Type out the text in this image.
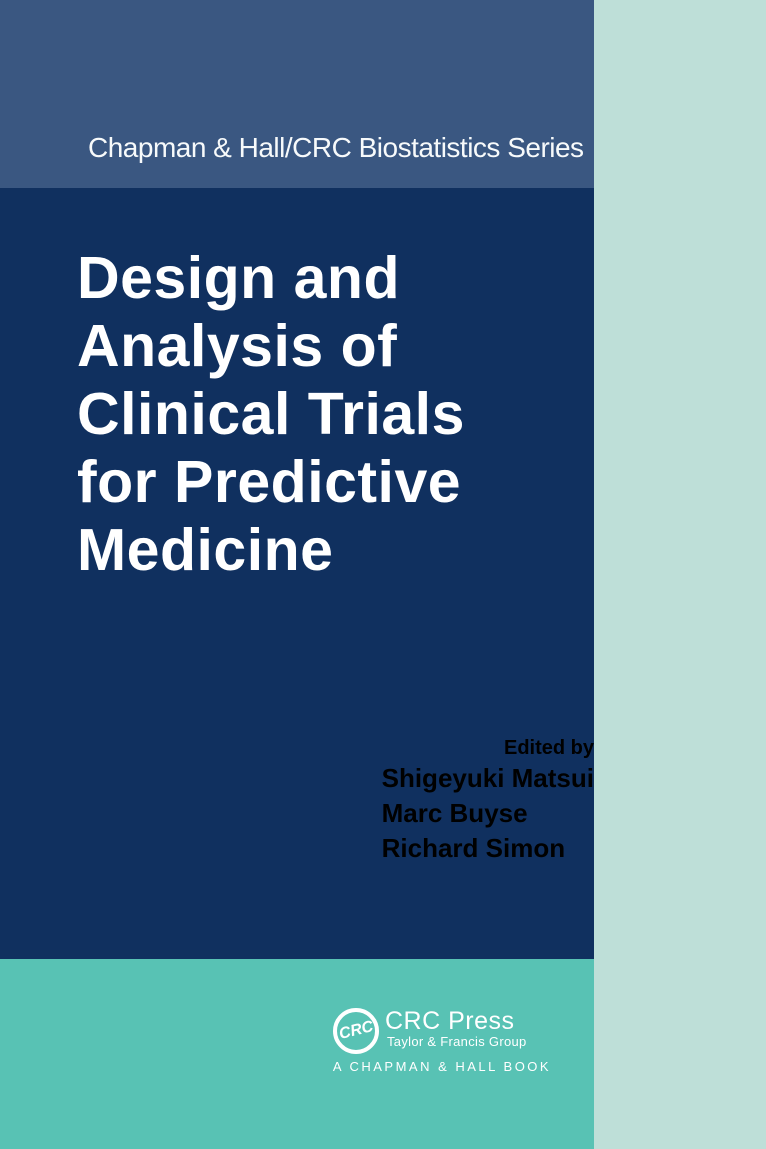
Chapman & Hall/CRC Biostatistics Series
Design and
Analysis of
Clinical Trials
for Predictive
Medicine
Edited by
Shigeyuki Matsui
Marc Buyse
Richard Simon
CRC CRC Press
Taylor & Francis Group
A CHAPMAN & HALL BOOK
